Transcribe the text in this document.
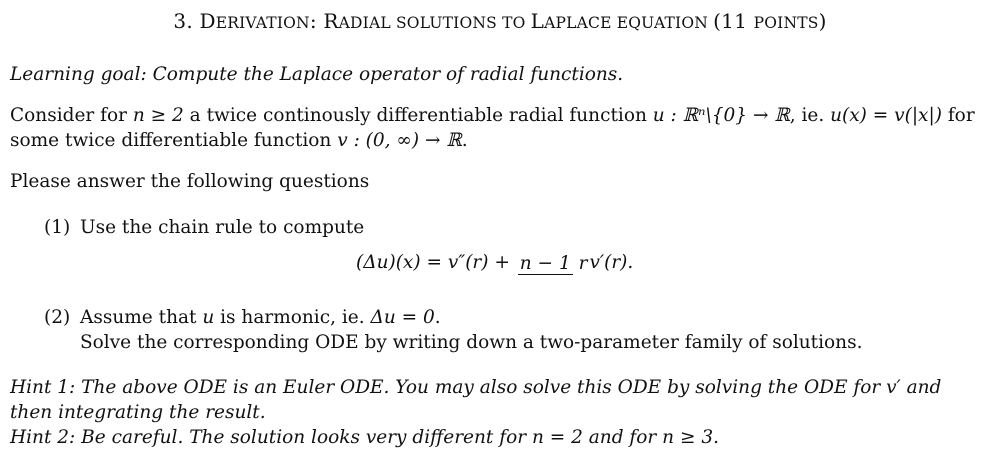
3. DERIVATION: RADIAL SOLUTIONS TO LAPLACE EQUATION (11 POINTS)
Learning goal: Compute the Laplace operator of radial functions.
Consider for n ≥ 2 a twice continously differentiable radial function u : ℝⁿ\{0} → ℝ, ie. u(x) = v(|x|) for
some twice differentiable function v : (0, ∞) → ℝ.
Please answer the following questions
(1) Use the chain rule to compute
(Δu)(x) = v″(r) + n − 1 r v′(r).
(2) Assume that u is harmonic, ie. Δu = 0.
Solve the corresponding ODE by writing down a two-parameter family of solutions.
Hint 1: The above ODE is an Euler ODE. You may also solve this ODE by solving the ODE for v′ and
then integrating the result.
Hint 2: Be careful. The solution looks very different for n = 2 and for n ≥ 3.
